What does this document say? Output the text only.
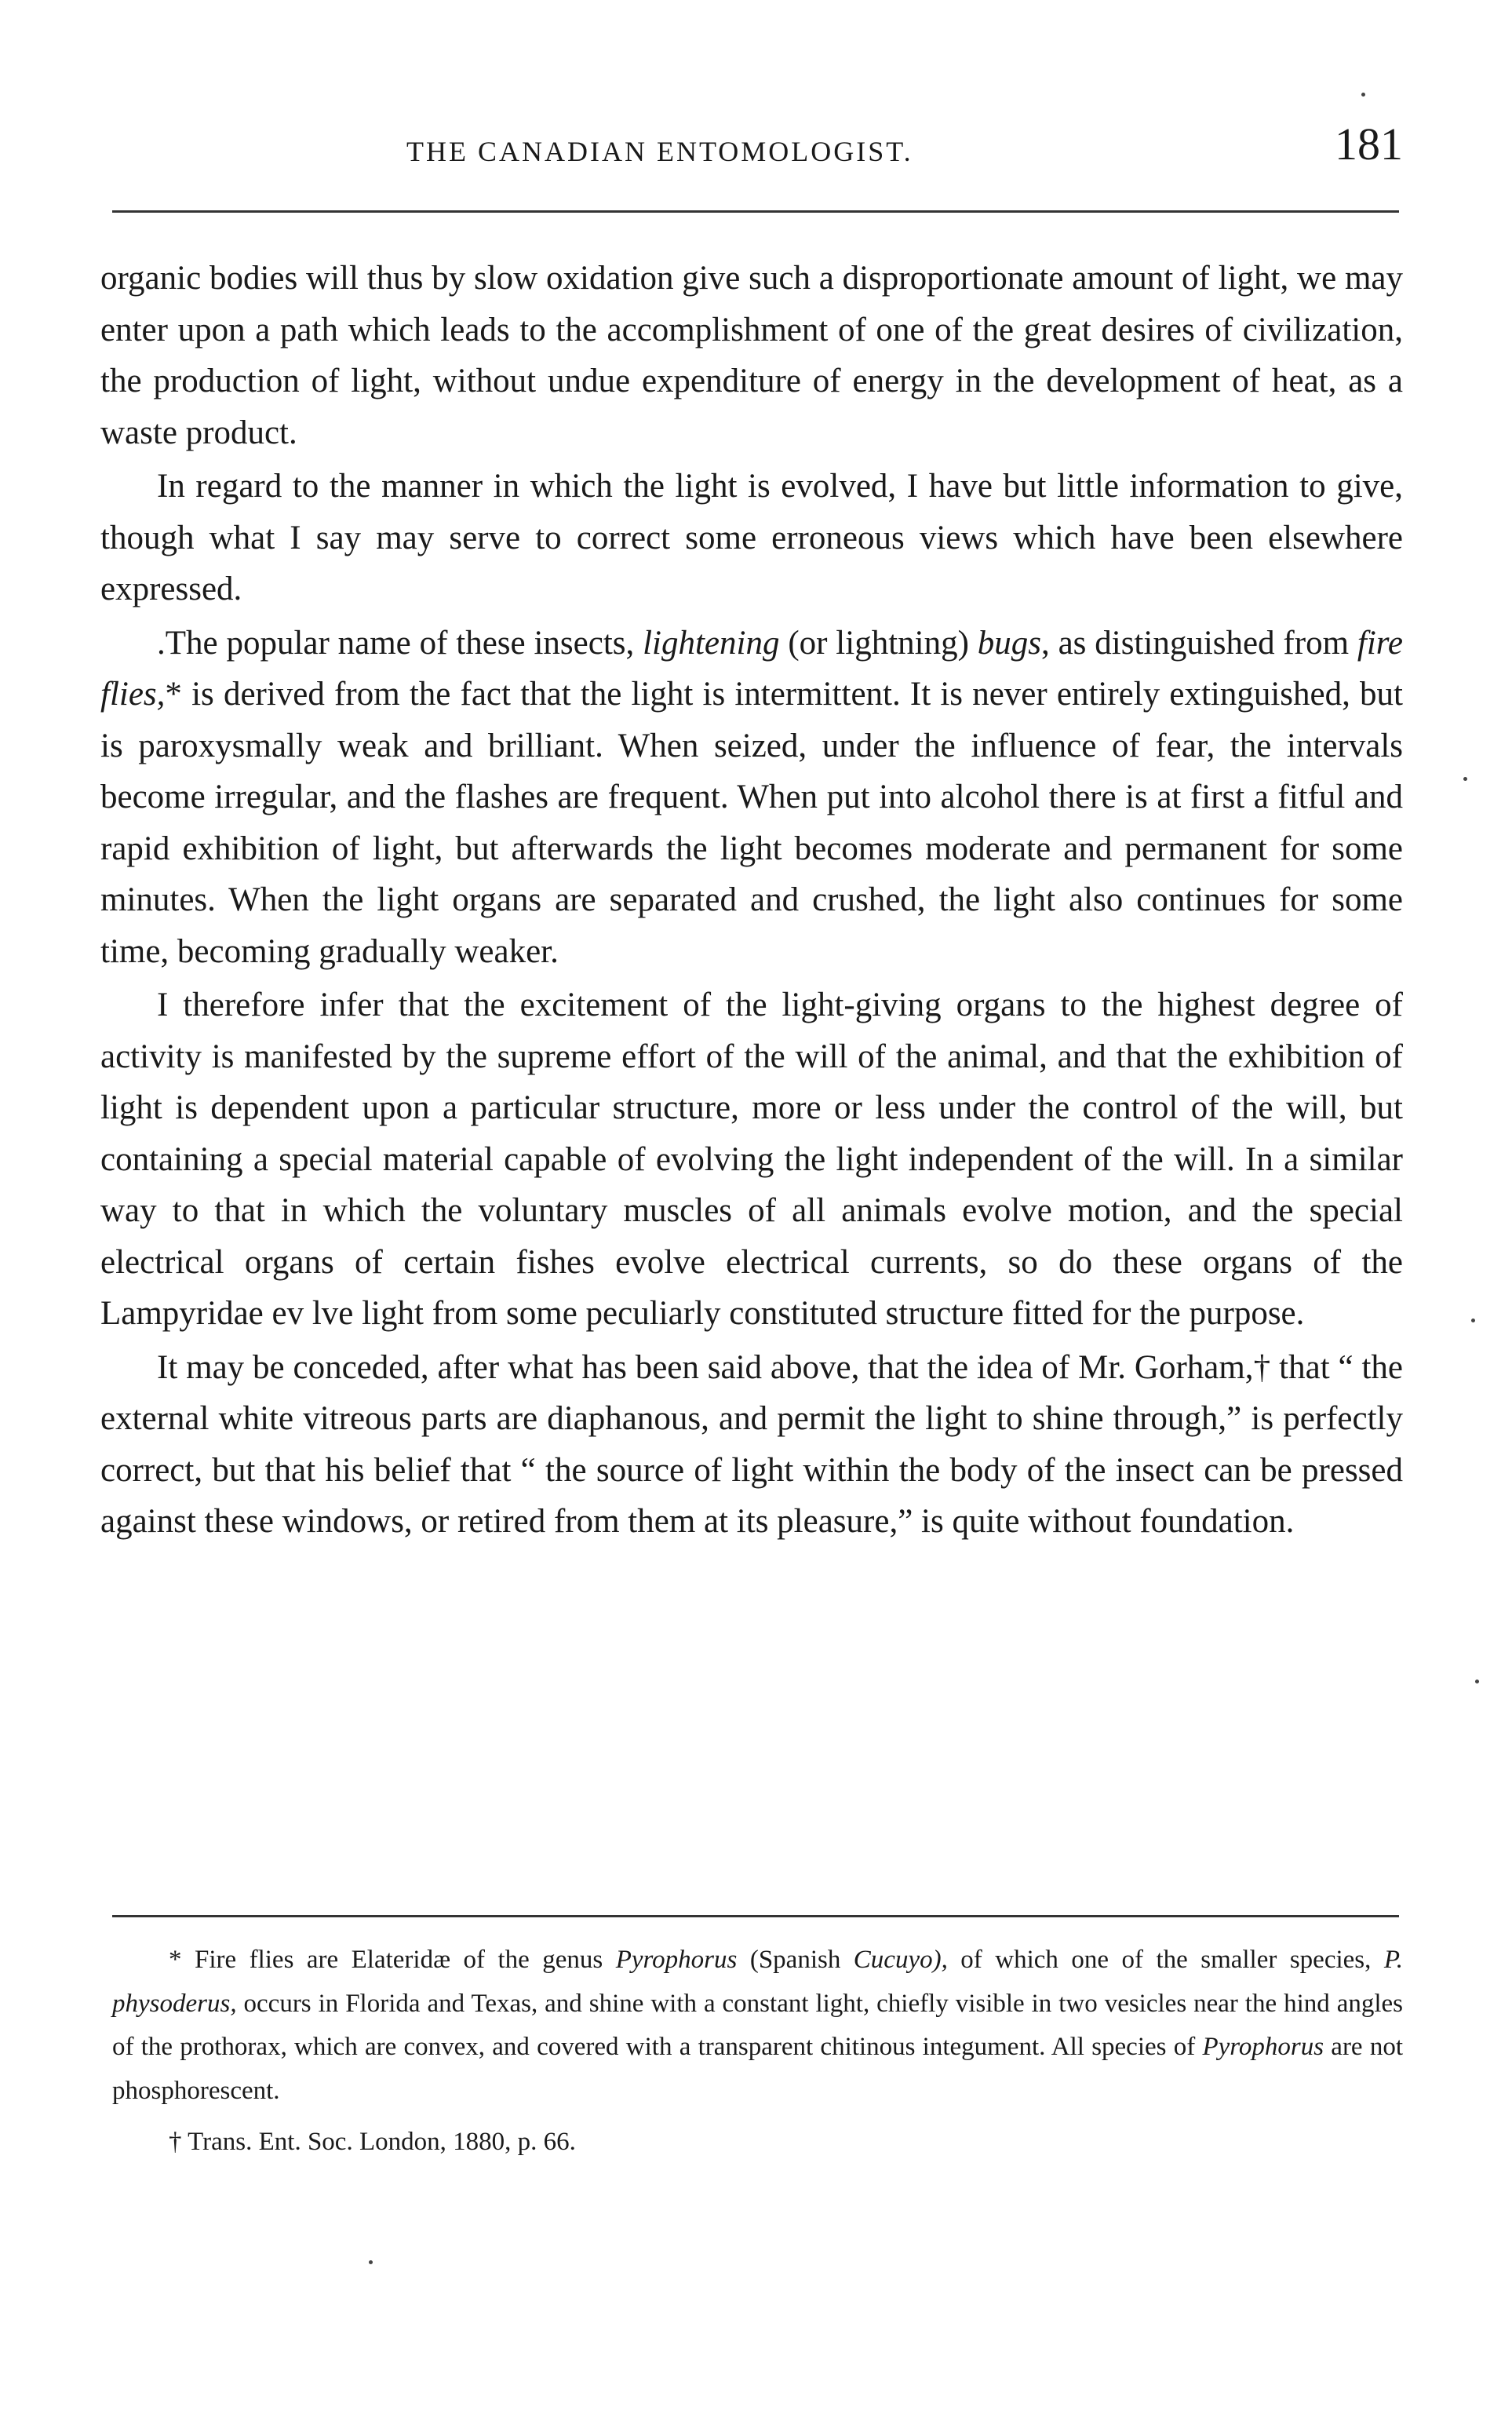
THE CANADIAN ENTOMOLOGIST.	181

organic bodies will thus by slow oxidation give such a disproportionate amount of light, we may enter upon a path which leads to the accomplishment of one of the great desires of civilization, the production of light, without undue expenditure of energy in the development of heat, as a waste product.

In regard to the manner in which the light is evolved, I have but little information to give, though what I say may serve to correct some erroneous views which have been elsewhere expressed.

.The popular name of these insects, lightening (or lightning) bugs, as distinguished from fire flies,* is derived from the fact that the light is intermittent. It is never entirely extinguished, but is paroxysmally weak and brilliant. When seized, under the influence of fear, the intervals become irregular, and the flashes are frequent. When put into alcohol there is at first a fitful and rapid exhibition of light, but afterwards the light becomes moderate and permanent for some minutes. When the light organs are separated and crushed, the light also continues for some time, becoming gradually weaker.

I therefore infer that the excitement of the light-giving organs to the highest degree of activity is manifested by the supreme effort of the will of the animal, and that the exhibition of light is dependent upon a particular structure, more or less under the control of the will, but containing a special material capable of evolving the light independent of the will. In a similar way to that in which the voluntary muscles of all animals evolve motion, and the special electrical organs of certain fishes evolve electrical currents, so do these organs of the Lampyridae ev lve light from some peculiarly constituted structure fitted for the purpose.

It may be conceded, after what has been said above, that the idea of Mr. Gorham,† that “ the external white vitreous parts are diaphanous, and permit the light to shine through,” is perfectly correct, but that his belief that “ the source of light within the body of the insect can be pressed against these windows, or retired from them at its pleasure,” is quite without foundation.

* Fire flies are Elateridæ of the genus Pyrophorus (Spanish Cucuyo), of which one of the smaller species, P. physoderus, occurs in Florida and Texas, and shine with a constant light, chiefly visible in two vesicles near the hind angles of the prothorax, which are convex, and covered with a transparent chitinous integument. All species of Pyrophorus are not phosphorescent.

† Trans. Ent. Soc. London, 1880, p. 66.
